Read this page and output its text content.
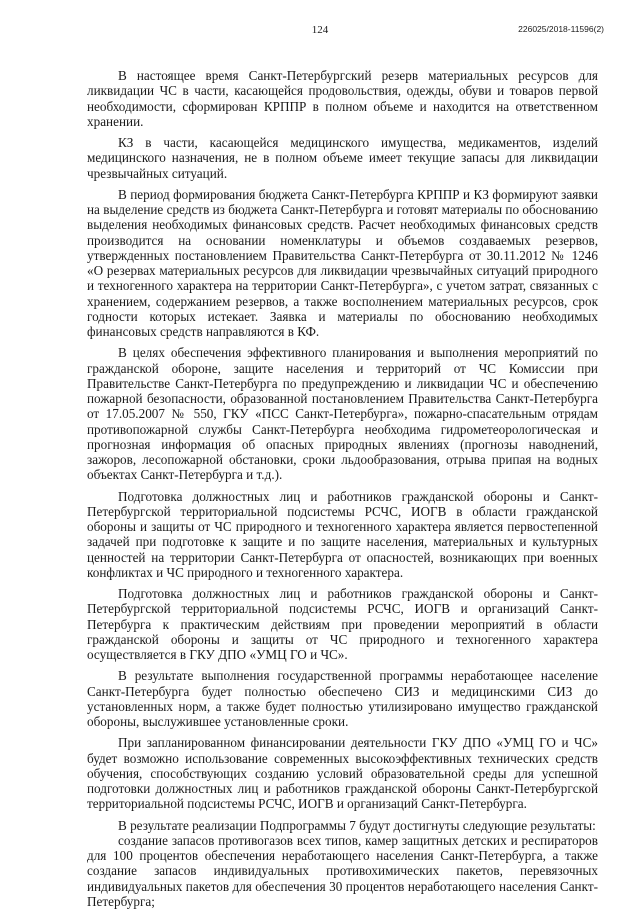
124	226025/2018-11596(2)

В настоящее время Санкт-Петербургский резерв материальных ресурсов для ликвидации ЧС в части, касающейся продовольствия, одежды, обуви и товаров первой необходимости, сформирован КРППР в полном объеме и находится на ответственном хранении.

КЗ в части, касающейся медицинского имущества, медикаментов, изделий медицинского назначения, не в полном объеме имеет текущие запасы для ликвидации чрезвычайных ситуаций.

В период формирования бюджета Санкт-Петербурга КРППР и КЗ формируют заявки на выделение средств из бюджета Санкт-Петербурга и готовят материалы по обоснованию выделения необходимых финансовых средств. Расчет необходимых финансовых средств производится на основании номенклатуры и объемов создаваемых резервов, утвержденных постановлением Правительства Санкт-Петербурга от 30.11.2012 № 1246 «О резервах материальных ресурсов для ликвидации чрезвычайных ситуаций природного и техногенного характера на территории Санкт-Петербурга», с учетом затрат, связанных с хранением, содержанием резервов, а также восполнением материальных ресурсов, срок годности которых истекает. Заявка и материалы по обоснованию необходимых финансовых средств направляются в КФ.

В целях обеспечения эффективного планирования и выполнения мероприятий по гражданской обороне, защите населения и территорий от ЧС Комиссии при Правительстве Санкт-Петербурга по предупреждению и ликвидации ЧС и обеспечению пожарной безопасности, образованной постановлением Правительства Санкт-Петербурга от 17.05.2007 № 550, ГКУ «ПСС Санкт-Петербурга», пожарно-спасательным отрядам противопожарной службы Санкт-Петербурга необходима гидрометеорологическая и прогнозная информация об опасных природных явлениях (прогнозы наводнений, зажоров, лесопожарной обстановки, сроки льдообразования, отрыва припая на водных объектах Санкт-Петербурга и т.д.).

Подготовка должностных лиц и работников гражданской обороны и Санкт-Петербургской территориальной подсистемы РСЧС, ИОГВ в области гражданской обороны и защиты от ЧС природного и техногенного характера является первостепенной задачей при подготовке к защите и по защите населения, материальных и культурных ценностей на территории Санкт-Петербурга от опасностей, возникающих при военных конфликтах и ЧС природного и техногенного характера.

Подготовка должностных лиц и работников гражданской обороны и Санкт-Петербургской территориальной подсистемы РСЧС, ИОГВ и организаций Санкт-Петербурга к практическим действиям при проведении мероприятий в области гражданской обороны и защиты от ЧС природного и техногенного характера осуществляется в ГКУ ДПО «УМЦ ГО и ЧС».

В результате выполнения государственной программы неработающее население Санкт-Петербурга будет полностью обеспечено СИЗ и медицинскими СИЗ до установленных норм, а также будет полностью утилизировано имущество гражданской обороны, выслужившее установленные сроки.

При запланированном финансировании деятельности ГКУ ДПО «УМЦ ГО и ЧС» будет возможно использование современных высокоэффективных технических средств обучения, способствующих созданию условий образовательной среды для успешной подготовки должностных лиц и работников гражданской обороны Санкт-Петербургской территориальной подсистемы РСЧС, ИОГВ и организаций Санкт-Петербурга.

В результате реализации Подпрограммы 7 будут достигнуты следующие результаты:

создание запасов противогазов всех типов, камер защитных детских и респираторов для 100 процентов обеспечения неработающего населения Санкт-Петербурга, а также создание запасов индивидуальных противохимических пакетов, перевязочных индивидуальных пакетов для обеспечения 30 процентов неработающего населения Санкт-Петербурга;
